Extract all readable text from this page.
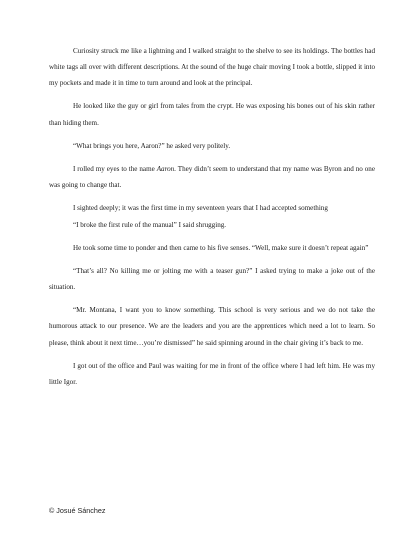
Curiosity struck me like a lightning and I walked straight to the shelve to see its holdings. The bottles had white tags all over with different descriptions. At the sound of the huge chair moving I took a bottle, slipped it into my pockets and made it in time to turn around and look at the principal.

He looked like the guy or girl from tales from the crypt. He was exposing his bones out of his skin rather than hiding them.

“What brings you here, Aaron?” he asked very politely.

I rolled my eyes to the name Aaron. They didn’t seem to understand that my name was Byron and no one was going to change that.

I sighted deeply; it was the first time in my seventeen years that I had accepted something

“I broke the first rule of the manual” I said shrugging.

He took some time to ponder and then came to his five senses. “Well, make sure it doesn’t repeat again”

“That’s all? No killing me or jolting me with a teaser gun?” I asked trying to make a joke out of the situation.

“Mr. Montana, I want you to know something. This school is very serious and we do not take the humorous attack to our presence. We are the leaders and you are the apprentices which need a lot to learn. So please, think about it next time…you’re dismissed” he said spinning around in the chair giving it’s back to me.

I got out of the office and Paul was waiting for me in front of the office where I had left him. He was my little Igor.

© Josué Sánchez
